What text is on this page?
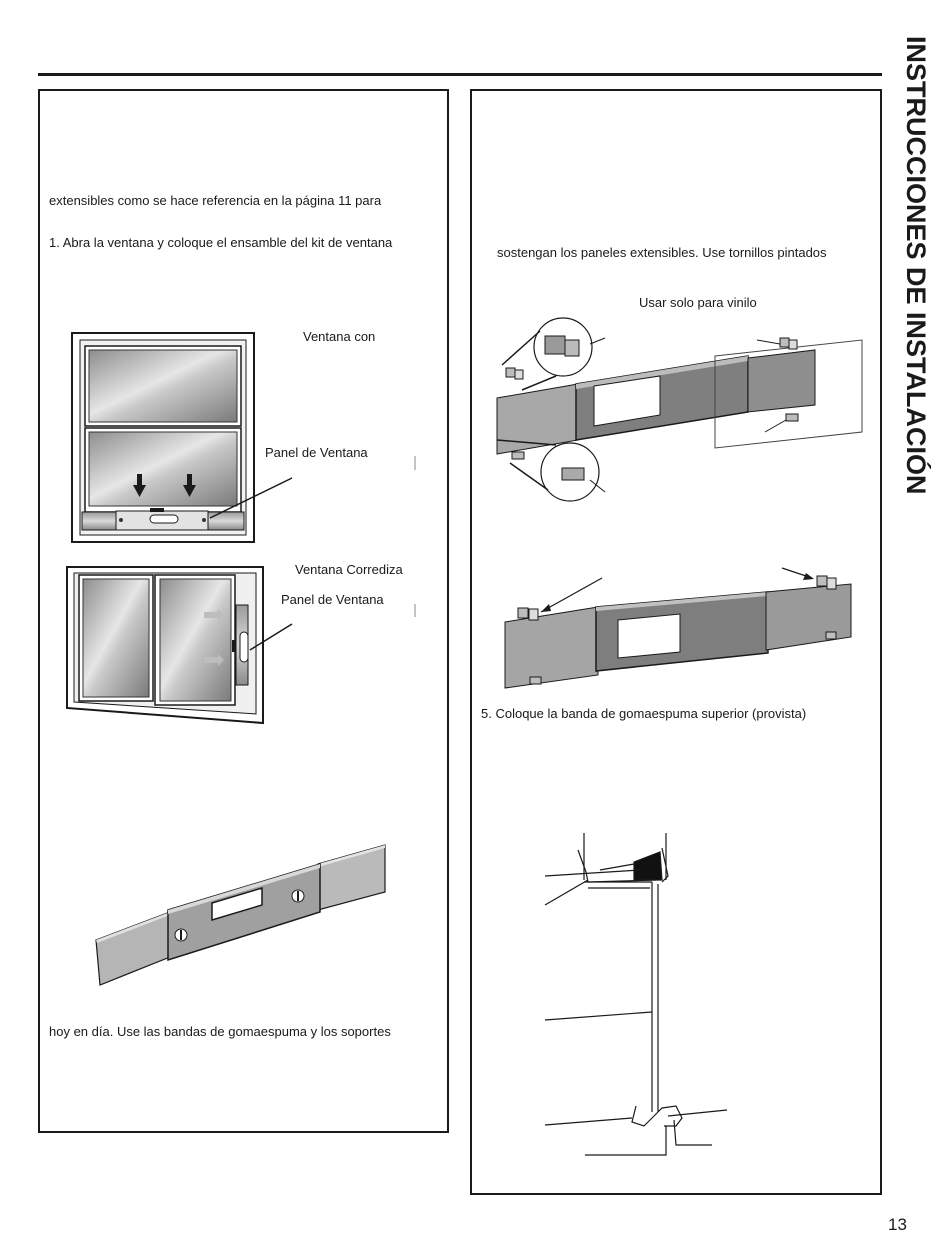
INSTRUCCIONES DE INSTALACIÓN
extensibles como se hace referencia en la página 11 para
1. Abra la ventana y coloque el ensamble del kit de ventana
Ventana con
Panel de Ventana
Ventana Corrediza
Panel de Ventana
hoy en día. Use las bandas de gomaespuma y los soportes
sostengan los paneles extensibles. Use tornillos pintados
Usar solo para vinilo
5. Coloque la banda de gomaespuma superior (provista)
13
